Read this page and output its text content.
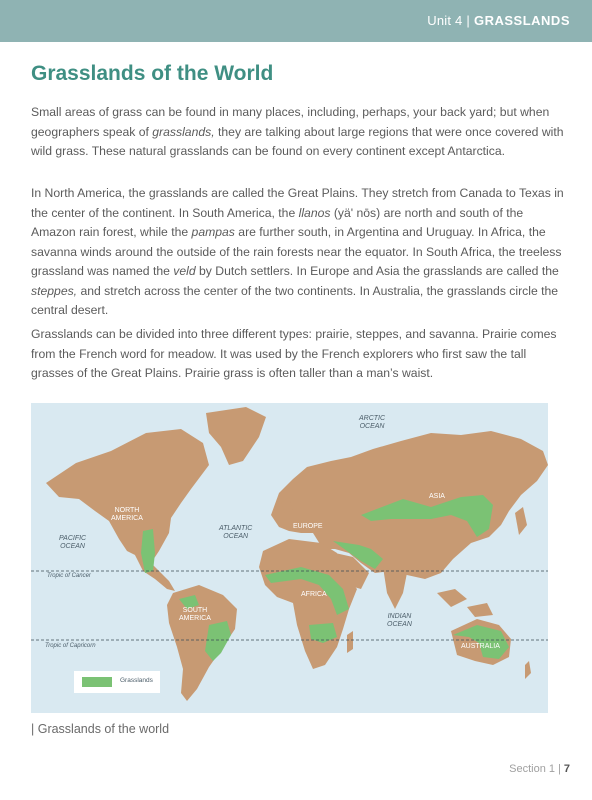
Unit 4 | GRASSLANDS
Grasslands of the World

Small areas of grass can be found in many places, including, perhaps, your back yard; but when geographers speak of grasslands, they are talking about large regions that were once covered with wild grass. These natural grasslands can be found on every continent except Antarctica.

In North America, the grasslands are called the Great Plains. They stretch from Canada to Texas in the center of the continent. In South America, the llanos (yä' nōs) are north and south of the Amazon rain forest, while the pampas are further south, in Argentina and Uruguay. In Africa, the savanna winds around the outside of the rain forests near the equator. In South Africa, the treeless grassland was named the veld by Dutch settlers. In Europe and Asia the grasslands are called the steppes, and stretch across the center of the two continents. In Australia, the grasslands circle the central desert.

Grasslands can be divided into three different types: prairie, steppes, and savanna. Prairie comes from the French word for meadow. It was used by the French explorers who first saw the tall grasses of the Great Plains. Prairie grass is often taller than a man’s waist.

ARCTIC
OCEAN
NORTH
AMERICA
PACIFIC
OCEAN
ATLANTIC
OCEAN
EUROPE
ASIA
AFRICA
SOUTH
AMERICA	INDIAN
OCEAN
AUSTRALIA
Tropic of Cancer
Tropic of Capricorn
Grasslands
| Grasslands of the world
Section 1 | 7
